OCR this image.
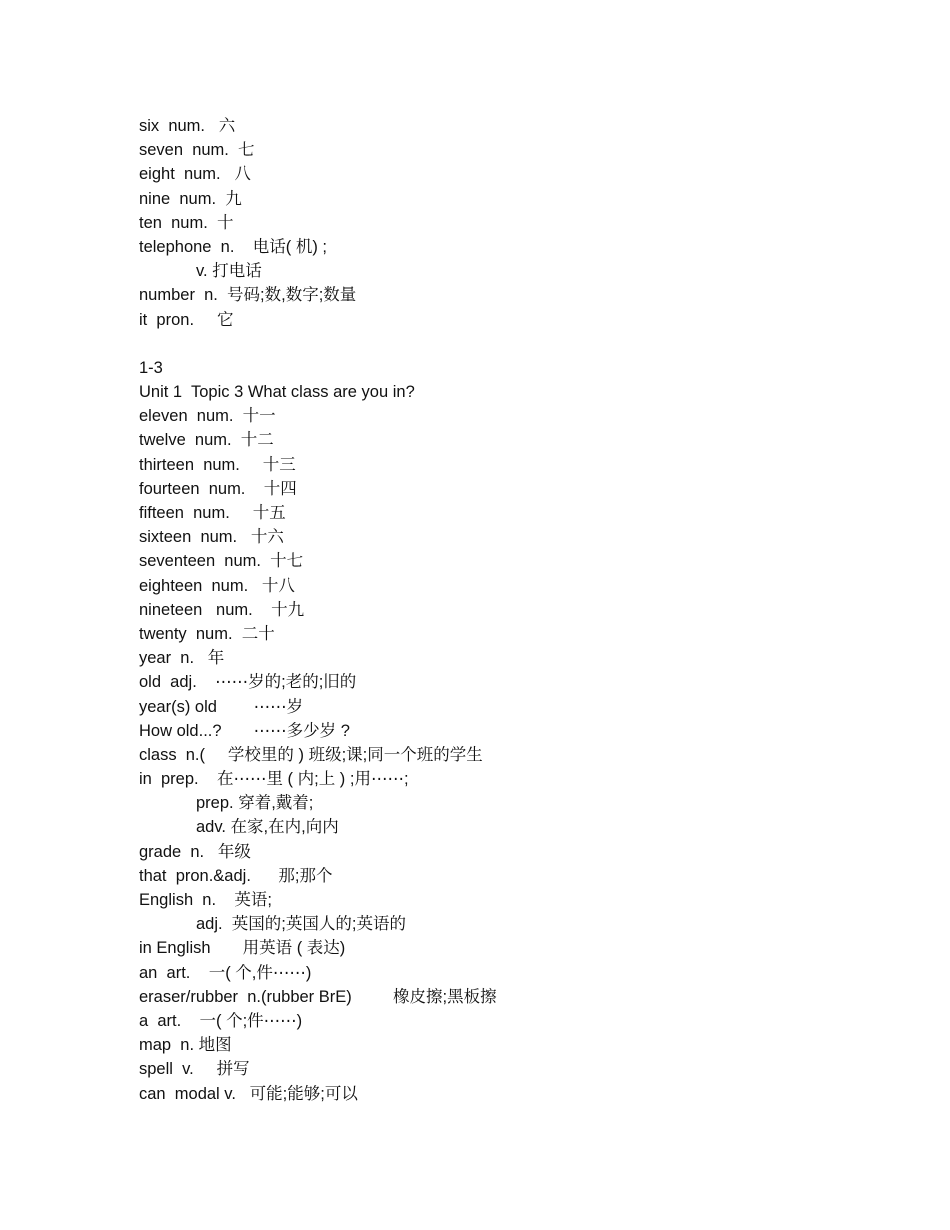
six  num.   六
seven  num.  七
eight  num.   八
nine  num.  九
ten  num.  十
telephone  n.    电话( 机) ;
v. 打电话
number  n.  号码;数,数字;数量
it  pron.     它
1-3
Unit 1  Topic 3 What class are you in?
eleven  num.  十一
twelve  num.  十二
thirteen  num.     十三
fourteen  num.    十四
fifteen  num.     十五
sixteen  num.   十六
seventeen  num.  十七
eighteen  num.   十八
nineteen   num.    十九
twenty  num.  二十
year  n.   年
old  adj.    ⋯⋯岁的;老的;旧的
year(s) old        ⋯⋯岁
How old...?       ⋯⋯多少岁 ?
class  n.(     学校里的 ) 班级;课;同一个班的学生
in  prep.    在⋯⋯里 ( 内;上 ) ;用⋯⋯;
prep. 穿着,戴着;
adv. 在家,在内,向内
grade  n.   年级
that  pron.&adj.      那;那个
English  n.    英语;
adj.  英国的;英国人的;英语的
in English       用英语 ( 表达)
an  art.    一( 个,件⋯⋯)
eraser/rubber  n.(rubber BrE)         橡皮擦;黑板擦
a  art.    一( 个;件⋯⋯)
map  n. 地图
spell  v.     拼写
can  modal v.   可能;能够;可以
